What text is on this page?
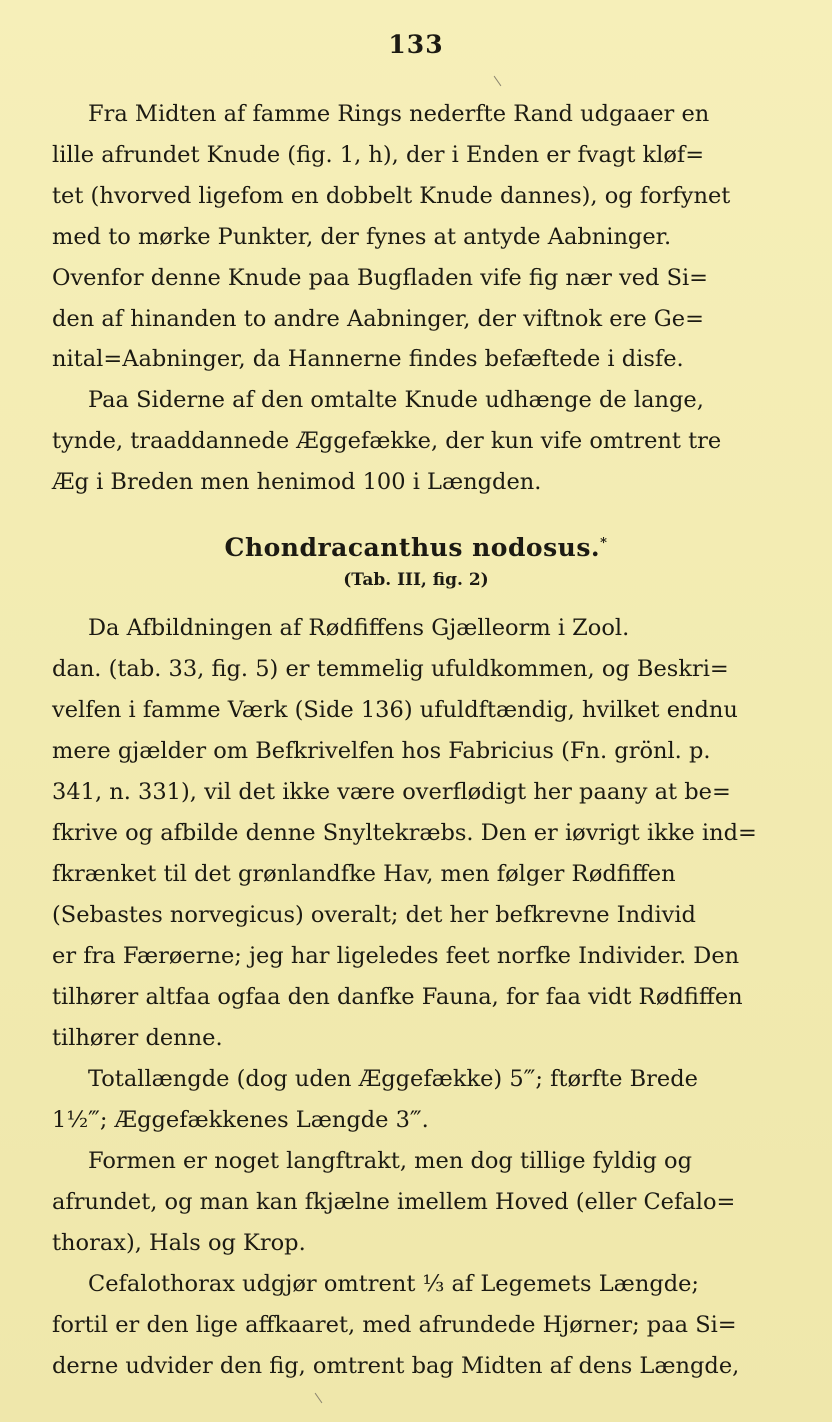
133
Fra Midten af famme Rings nederfte Rand udgaaer en
lille afrundet Knude (fig. 1, h), der i Enden er fvagt kløf=
tet (hvorved ligefom en dobbelt Knude dannes), og forfynet
med to mørke Punkter, der fynes at antyde Aabninger.
Ovenfor denne Knude paa Bugfladen vife fig nær ved Si=
den af hinanden to andre Aabninger, der viftnok ere Ge=
nital=Aabninger, da Hannerne findes befæftede i disfe.
Paa Siderne af den omtalte Knude udhænge de lange,
tynde, traaddannede Æggefække, der kun vife omtrent tre
Æg i Breden men henimod 100 i Længden.
Chondracanthus nodosus.*
(Tab. III, fig. 2)
Da Afbildningen af Rødfiffens Gjælleorm i Zool.
dan. (tab. 33, fig. 5) er temmelig ufuldkommen, og Beskri=
velfen i famme Værk (Side 136) ufuldftændig, hvilket endnu
mere gjælder om Befkrivelfen hos Fabricius (Fn. grönl. p.
341, n. 331), vil det ikke være overflødigt her paany at be=
fkrive og afbilde denne Snyltekræbs. Den er iøvrigt ikke ind=
fkrænket til det grønlandfke Hav, men følger Rødfiffen
(Sebastes norvegicus) overalt; det her befkrevne Individ
er fra Færøerne; jeg har ligeledes feet norfke Individer. Den
tilhører altfaa ogfaa den danfke Fauna, for faa vidt Rødfiffen
tilhører denne.
Totallængde (dog uden Æggefække) 5‴; ftørfte Brede
1½‴; Æggefækkenes Længde 3‴.
Formen er noget langftrakt, men dog tillige fyldig og
afrundet, og man kan fkjælne imellem Hoved (eller Cefalo=
thorax), Hals og Krop.
Cefalothorax udgjør omtrent ⅓ af Legemets Længde;
fortil er den lige affkaaret, med afrundede Hjørner; paa Si=
derne udvider den fig, omtrent bag Midten af dens Længde,
